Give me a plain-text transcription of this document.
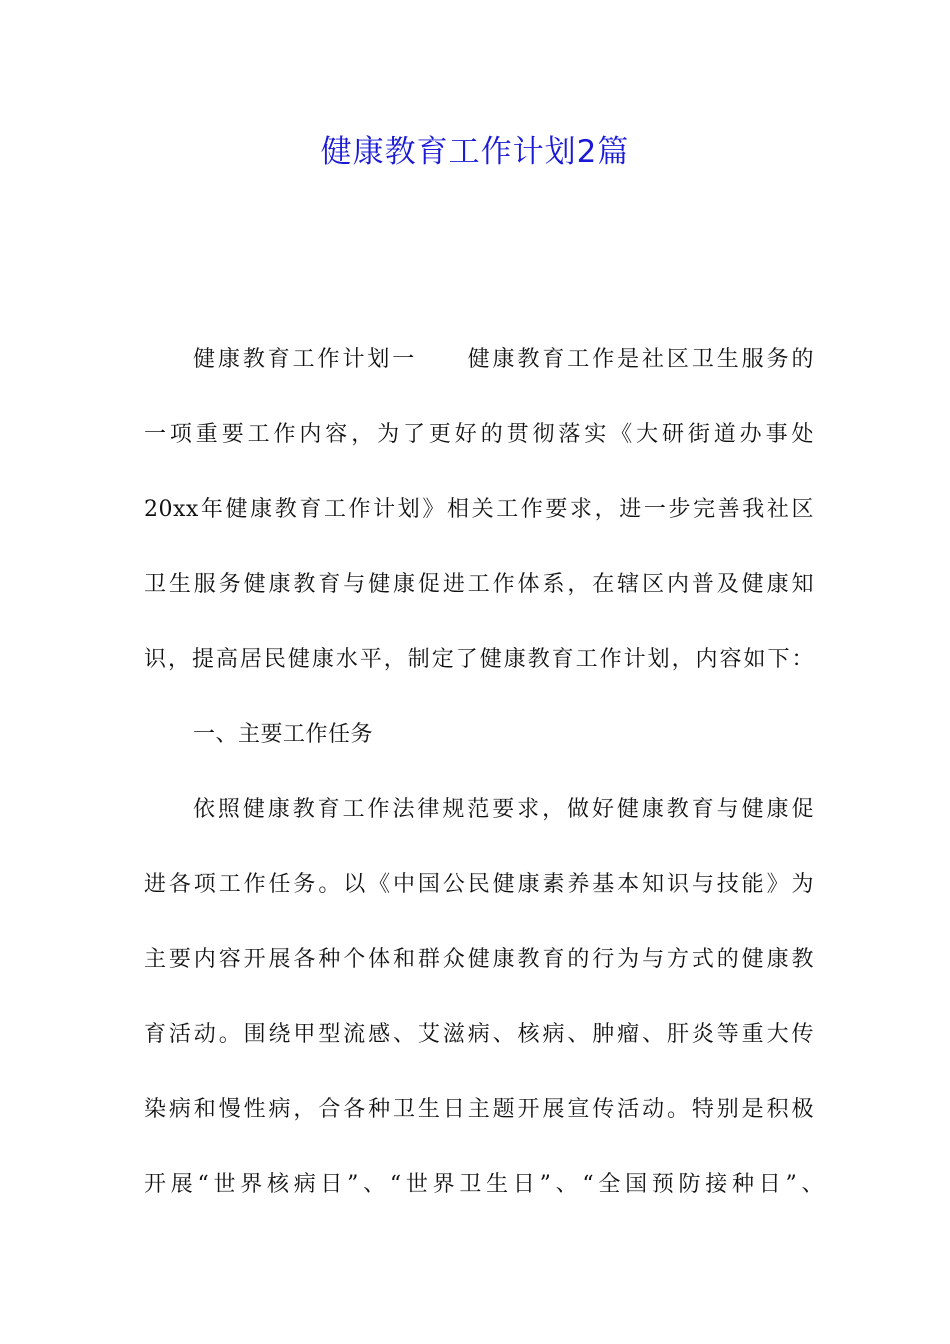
健康教育工作计划2篇

健康教育工作计划一 健康教育工作是社区卫生服务的

一项重要工作内容，为了更好的贯彻落实《大研街道办事处

20xx年健康教育工作计划》相关工作要求，进一步完善我社区

卫生服务健康教育与健康促进工作体系，在辖区内普及健康知

识，提高居民健康水平，制定了健康教育工作计划，内容如下：

一、主要工作任务

依照健康教育工作法律规范要求，做好健康教育与健康促

进各项工作任务。以《中国公民健康素养基本知识与技能》为

主要内容开展各种个体和群众健康教育的行为与方式的健康教

育活动。围绕甲型流感、艾滋病、核病、肿瘤、肝炎等重大传

染病和慢性病，合各种卫生日主题开展宣传活动。特别是积极

开展“世界核病日”、“世界卫生日”、“全国预防接种日”、
